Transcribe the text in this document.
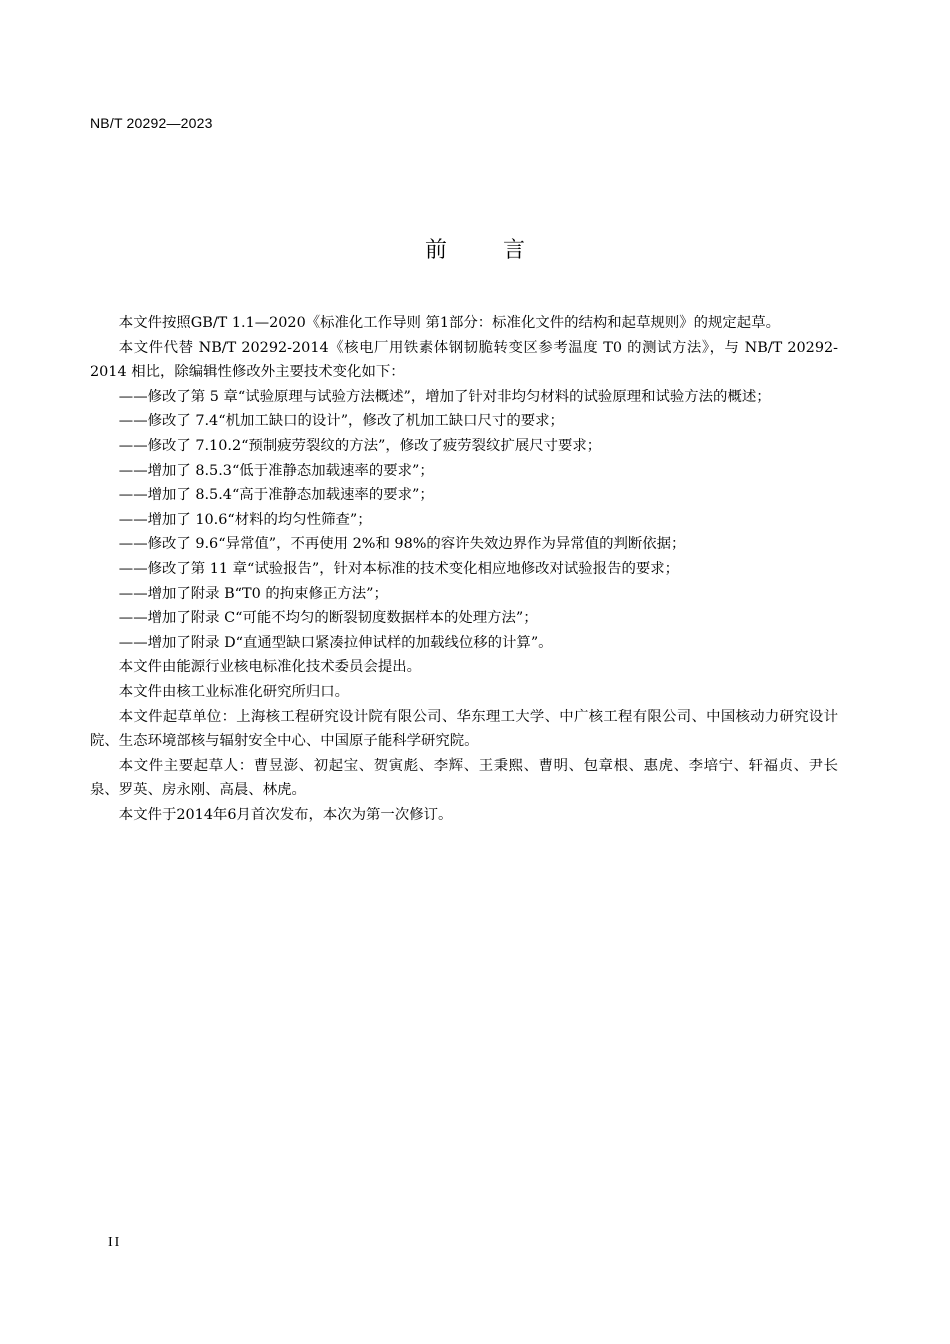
NB/T 20292—2023
前言

本文件按照GB/T 1.1—2020《标准化工作导则 第1部分：标准化文件的结构和起草规则》的规定起草。

本文件代替 NB/T 20292-2014《核电厂用铁素体钢韧脆转变区参考温度 T0 的测试方法》，与 NB/T 20292-2014 相比，除编辑性修改外主要技术变化如下：

——修改了第 5 章“试验原理与试验方法概述”，增加了针对非均匀材料的试验原理和试验方法的概述；

——修改了 7.4“机加工缺口的设计”，修改了机加工缺口尺寸的要求；

——修改了 7.10.2“预制疲劳裂纹的方法”，修改了疲劳裂纹扩展尺寸要求；

——增加了 8.5.3“低于准静态加载速率的要求”；

——增加了 8.5.4“高于准静态加载速率的要求”；

——增加了 10.6“材料的均匀性筛查”；

——修改了 9.6“异常值”，不再使用 2%和 98%的容许失效边界作为异常值的判断依据；

——修改了第 11 章“试验报告”，针对本标准的技术变化相应地修改对试验报告的要求；

——增加了附录 B“T0 的拘束修正方法”；

——增加了附录 C“可能不均匀的断裂韧度数据样本的处理方法”；

——增加了附录 D“直通型缺口紧凑拉伸试样的加载线位移的计算”。

本文件由能源行业核电标准化技术委员会提出。

本文件由核工业标准化研究所归口。

本文件起草单位：上海核工程研究设计院有限公司、华东理工大学、中广核工程有限公司、中国核动力研究设计院、生态环境部核与辐射安全中心、中国原子能科学研究院。

本文件主要起草人：曹昱澎、初起宝、贺寅彪、李辉、王秉熙、曹明、包章根、惠虎、李培宁、轩福贞、尹长泉、罗英、房永刚、高晨、林虎。

本文件于2014年6月首次发布，本次为第一次修订。

II
